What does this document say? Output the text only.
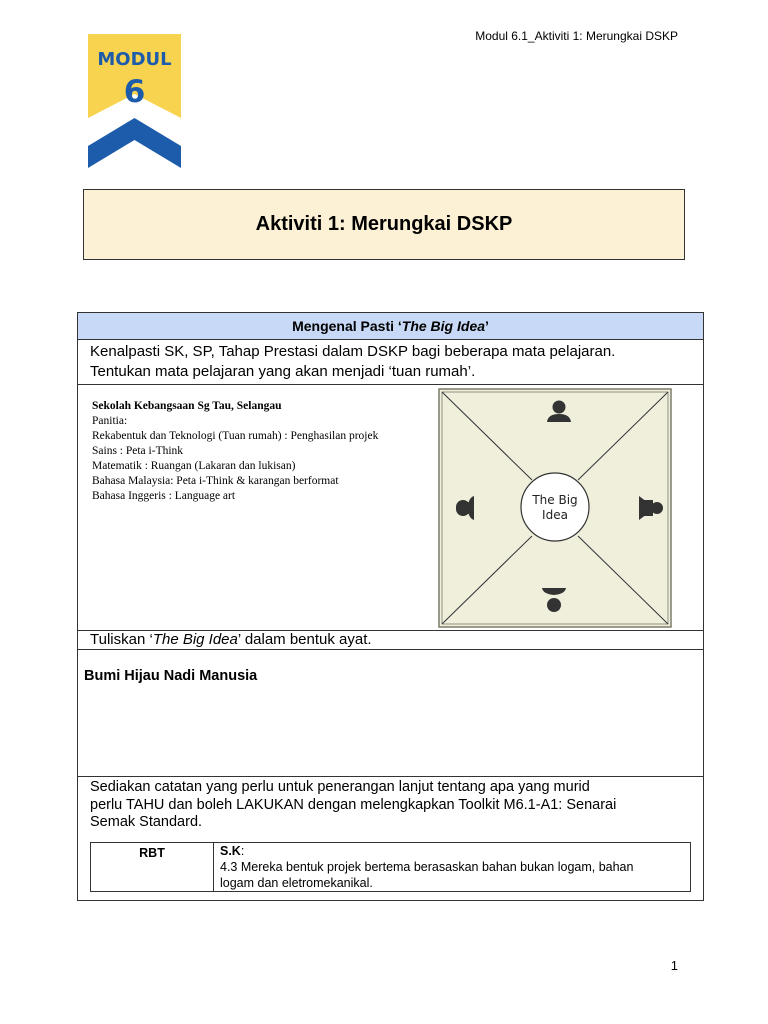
Modul 6.1_Aktiviti 1: Merungkai DSKP
MODUL
6
Aktiviti 1: Merungkai DSKP
Mengenal Pasti ‘The Big Idea’

Kenalpasti SK, SP, Tahap Prestasi dalam DSKP bagi beberapa mata pelajaran.
Tentukan mata pelajaran yang akan menjadi ‘tuan rumah’.

Sekolah Kebangsaan Sg Tau, Selangau
Panitia:
Rekabentuk dan Teknologi (Tuan rumah) : Penghasilan projek
Sains : Peta i-Think
Matematik : Ruangan (Lakaran dan lukisan)
Bahasa Malaysia: Peta i-Think & karangan berformat
Bahasa Inggeris : Language art	The Big
Idea

Tuliskan ‘The Big Idea’ dalam bentuk ayat.
Bumi Hijau Nadi Manusia

Sediakan catatan yang perlu untuk penerangan lanjut tentang apa yang murid

perlu TAHU dan boleh LAKUKAN dengan melengkapkan Toolkit M6.1-A1: Senarai

Semak Standard.

RBT	S.K:
4.3 Mereka bentuk projek bertema berasaskan bahan bukan logam, bahan
logam dan eletromekanikal.
1
